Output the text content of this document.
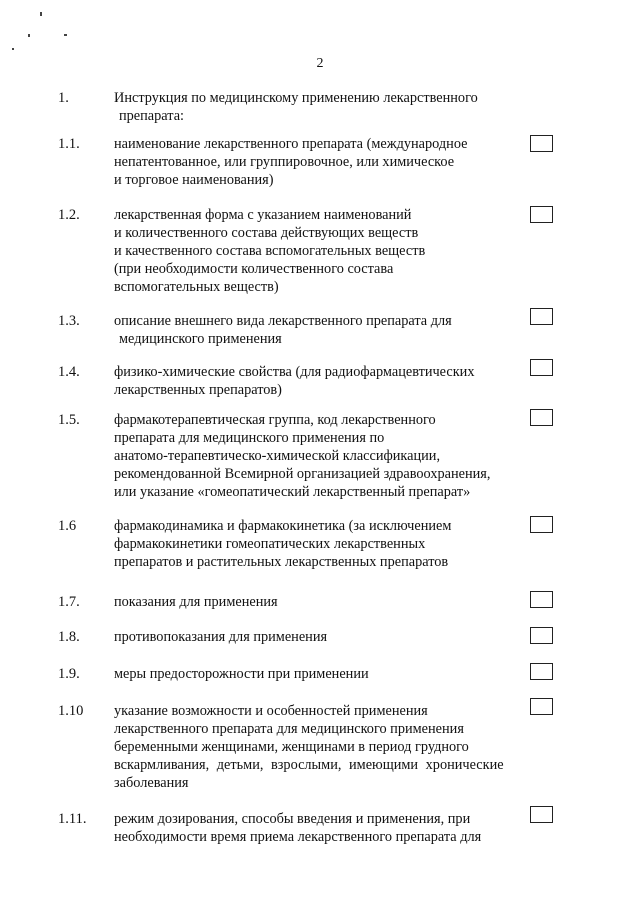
2
1.	Инструкция по медицинскому применению лекарственного
препарата:
1.1. наименование лекарственного препарата (международное
непатентованное, или группировочное, или химическое
и торговое наименования)
1.2. лекарственная форма с указанием наименований
и количественного состава действующих веществ
и качественного состава вспомогательных веществ
(при необходимости количественного состава
вспомогательных веществ)
1.3. описание внешнего вида лекарственного препарата для
медицинского применения
1.4. физико-химические свойства (для радиофармацевтических
лекарственных препаратов)
1.5. фармакотерапевтическая группа, код лекарственного
препарата для медицинского применения по
анатомо-терапевтическо-химической классификации,
рекомендованной Всемирной организацией здравоохранения,
или указание «гомеопатический лекарственный препарат»
1.6	фармакодинамика и фармакокинетика (за исключением
фармакокинетики гомеопатических лекарственных
препаратов и растительных лекарственных препаратов
1.7. показания для применения
1.8. противопоказания для применения
1.9. меры предосторожности при применении
1.10 указание возможности и особенностей применения
лекарственного препарата для медицинского применения
беременными женщинами, женщинами в период грудного
вскармливания, детьми, взрослыми, имеющими хронические
заболевания
1.11. режим дозирования, способы введения и применения, при
необходимости время приема лекарственного препарата для
